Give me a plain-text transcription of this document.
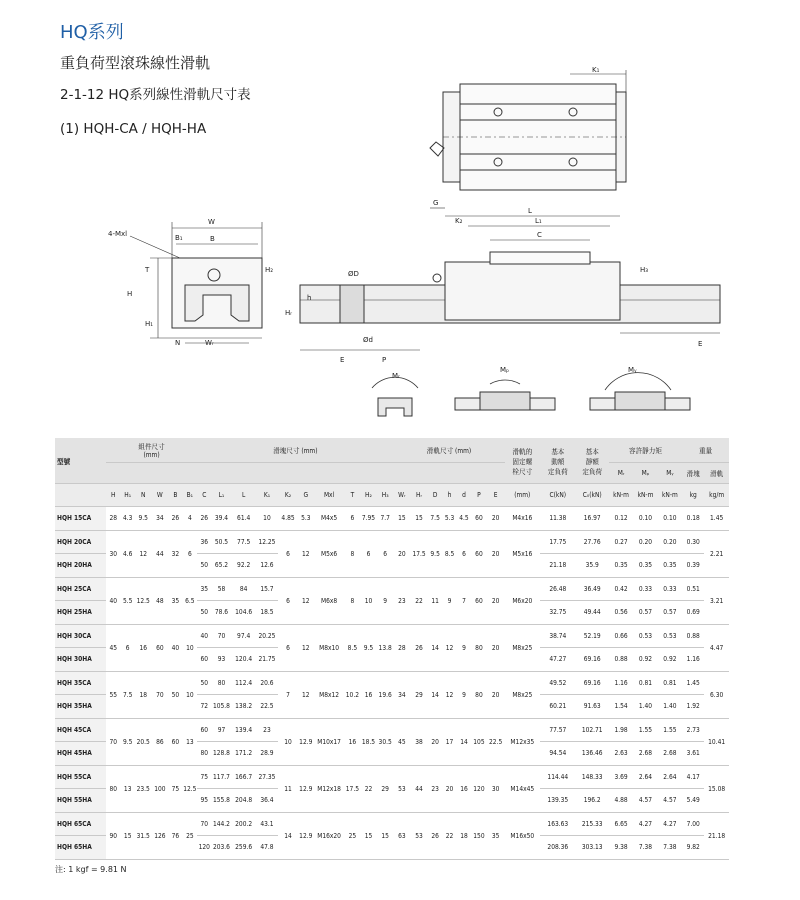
HQ系列
重負荷型滾珠線性滑軌
2-1-12 HQ系列線性滑軌尺寸表
(1) HQH-CA / HQH-HA
K₁
G
K₂
L
L₁
C
H₃
W
4-Mxl	B₁	B
T	H₂
H
H₁
N	Wᵣ
Hᵣ
h
ØD
Ød
E	P
E
Mᵣ
Mₚ	Mᵧ
型號	組件尺寸
(mm)						滑塊尺寸 (mm)										滑軌尺寸 (mm)							滑軌的
固定螺
栓尺寸	基本
動額
定負荷	基本
靜額
定負荷	容許靜力矩			重量	
																											Mᵣ	Mₚ	Mᵧ	滑塊	滑軌
	H	H₁	N	W	B	B₁	C	L₁	L	K₁	K₂	G	Mxl	T	H₂	H₃	Wᵣ	Hᵣ	D	h	d	P	E	(mm)	C(kN)	C₀(kN)	kN-m	kN-m	kN-m	kg	kg/m
HQH 15CA	28	4.3	9.5	34	26	4	26	39.4	61.4	10	4.85	5.3	M4x5	6	7.95	7.7	15	15	7.5	5.3	4.5	60	20	M4x16	11.38	16.97	0.12	0.10	0.10	0.18	1.45
HQH 20CA	30	4.6	12	44	32	6	36	50.5	77.5	12.25	6	12	M5x6	8	6	6	20	17.5	9.5	8.5	6	60	20	M5x16	17.75	27.76	0.27	0.20	0.20	0.30	2.21
HQH 20HA							50	65.2	92.2	12.6															21.18	35.9	0.35	0.35	0.35	0.39	
HQH 25CA	40	5.5	12.5	48	35	6.5	35	58	84	15.7	6	12	M6x8	8	10	9	23	22	11	9	7	60	20	M6x20	26.48	36.49	0.42	0.33	0.33	0.51	3.21
HQH 25HA							50	78.6	104.6	18.5															32.75	49.44	0.56	0.57	0.57	0.69	
HQH 30CA	45	6	16	60	40	10	40	70	97.4	20.25	6	12	M8x10	8.5	9.5	13.8	28	26	14	12	9	80	20	M8x25	38.74	52.19	0.66	0.53	0.53	0.88	4.47
HQH 30HA							60	93	120.4	21.75															47.27	69.16	0.88	0.92	0.92	1.16	
HQH 35CA	55	7.5	18	70	50	10	50	80	112.4	20.6	7	12	M8x12	10.2	16	19.6	34	29	14	12	9	80	20	M8x25	49.52	69.16	1.16	0.81	0.81	1.45	6.30
HQH 35HA							72	105.8	138.2	22.5															60.21	91.63	1.54	1.40	1.40	1.92	
HQH 45CA	70	9.5	20.5	86	60	13	60	97	139.4	23	10	12.9	M10x17	16	18.5	30.5	45	38	20	17	14	105	22.5	M12x35	77.57	102.71	1.98	1.55	1.55	2.73	10.41
HQH 45HA							80	128.8	171.2	28.9															94.54	136.46	2.63	2.68	2.68	3.61	
HQH 55CA	80	13	23.5	100	75	12.5	75	117.7	166.7	27.35	11	12.9	M12x18	17.5	22	29	53	44	23	20	16	120	30	M14x45	114.44	148.33	3.69	2.64	2.64	4.17	15.08
HQH 55HA							95	155.8	204.8	36.4															139.35	196.2	4.88	4.57	4.57	5.49	
HQH 65CA	90	15	31.5	126	76	25	70	144.2	200.2	43.1	14	12.9	M16x20	25	15	15	63	53	26	22	18	150	35	M16x50	163.63	215.33	6.65	4.27	4.27	7.00	21.18
HQH 65HA							120	203.6	259.6	47.8															208.36	303.13	9.38	7.38	7.38	9.82	
注: 1 kgf = 9.81 N
